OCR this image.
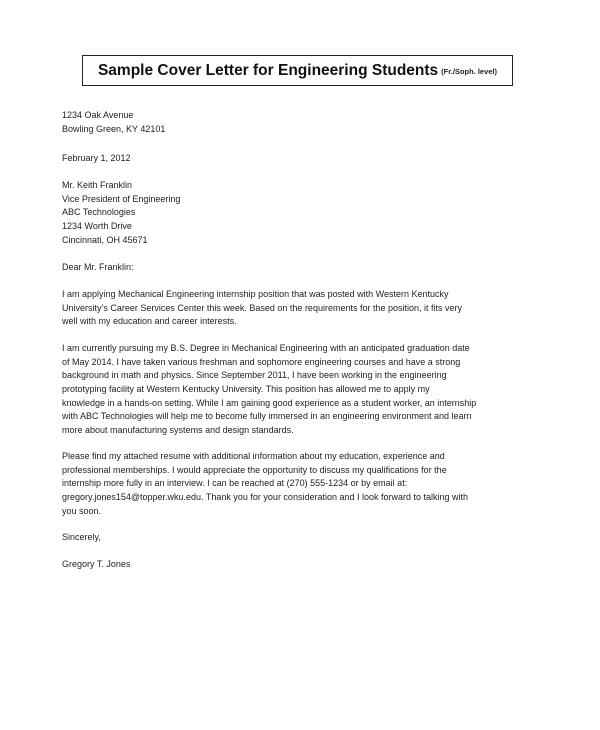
Sample Cover Letter for Engineering Students (Fr./Soph. level)
1234 Oak Avenue
Bowling Green, KY 42101
February 1, 2012
Mr. Keith Franklin
Vice President of Engineering
ABC Technologies
1234 Worth Drive
Cincinnati, OH 45671
Dear Mr. Franklin:
I am applying Mechanical Engineering internship position that was posted with Western Kentucky
University’s Career Services Center this week. Based on the requirements for the position, it fits very
well with my education and career interests.
I am currently pursuing my B.S. Degree in Mechanical Engineering with an anticipated graduation date
of May 2014. I have taken various freshman and sophomore engineering courses and have a strong
background in math and physics. Since September 2011, I have been working in the engineering
prototyping facility at Western Kentucky University. This position has allowed me to apply my
knowledge in a hands-on setting. While I am gaining good experience as a student worker, an internship
with ABC Technologies will help me to become fully immersed in an engineering environment and learn
more about manufacturing systems and design standards.
Please find my attached resume with additional information about my education, experience and
professional memberships. I would appreciate the opportunity to discuss my qualifications for the
internship more fully in an interview. I can be reached at (270) 555-1234 or by email at:
gregory.jones154@topper.wku.edu. Thank you for your consideration and I look forward to talking with
you soon.
Sincerely,
Gregory T. Jones
